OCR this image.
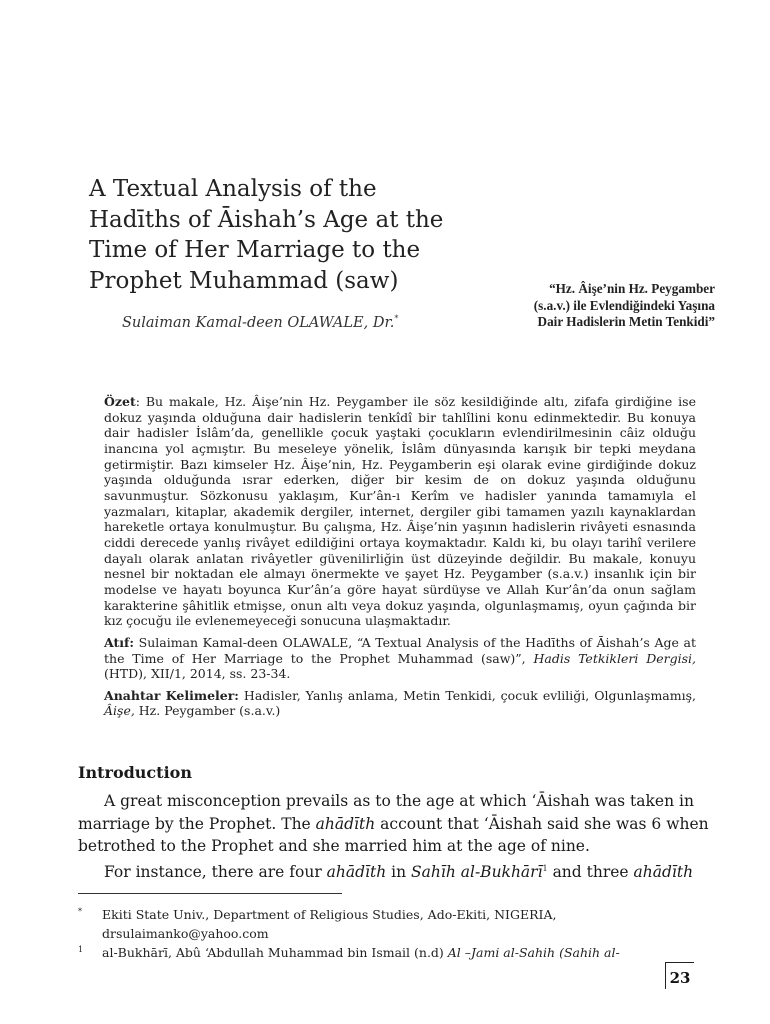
A Textual Analysis of the
Hadīths of Āishah’s Age at the
Time of Her Marriage to the
Prophet Muhammad (saw)
Sulaiman Kamal-deen OLAWALE, Dr.*
“Hz. Âişe’nin Hz. Peygamber
(s.a.v.) ile Evlendiğindeki Yaşına
Dair Hadislerin Metin Tenkidi”

Özet: Bu makale, Hz. Âişe’nin Hz. Peygamber ile söz kesildiğinde altı, zifafa girdiğine ise dokuz yaşında olduğuna dair hadislerin tenkîdî bir tahlîlini konu edinmektedir. Bu konuya dair hadisler İslâm’da, genellikle çocuk yaştaki çocukların evlendirilmesinin câiz olduğu inancına yol açmıştır. Bu meseleye yönelik, İslâm dünyasında karışık bir tepki meydana getirmiştir. Bazı kimseler Hz. Âişe’nin, Hz. Peygamberin eşi olarak evine girdiğinde dokuz yaşında olduğunda ısrar ederken, diğer bir kesim de on dokuz yaşında olduğunu savunmuştur. Sözkonusu yaklaşım, Kur’ân-ı Kerîm ve hadisler yanında tamamıyla el yazmaları, kitaplar, akademik dergiler, internet, dergiler gibi tamamen yazılı kaynaklardan hareketle ortaya konulmuştur. Bu çalışma, Hz. Âişe’nin yaşının hadislerin rivâyeti esnasında ciddi derecede yanlış rivâyet edildiğini ortaya koymaktadır. Kaldı ki, bu olayı tarihî verilere dayalı olarak anlatan rivâyetler güvenilirliğin üst düzeyinde değildir. Bu makale, konuyu nesnel bir noktadan ele almayı önermekte ve şayet Hz. Peygamber (s.a.v.) insanlık için bir modelse ve hayatı boyunca Kur’ân’a göre hayat sürdüyse ve Allah Kur’ân’da onun sağlam karakterine şâhitlik etmişse, onun altı veya dokuz yaşında, olgunlaşmamış, oyun çağında bir kız çocuğu ile evlenemeyeceği sonucuna ulaşmaktadır.

Atıf: Sulaiman Kamal-deen OLAWALE, “A Textual Analysis of the Hadīths of Āishah’s Age at the Time of Her Marriage to the Prophet Muhammad (saw)”, Hadis Tetkikleri Dergisi, (HTD), XII/1, 2014, ss. 23-34.

Anahtar Kelimeler: Hadisler, Yanlış anlama, Metin Tenkidi, çocuk evliliği, Olgunlaşmamış, Âişe, Hz. Peygamber (s.a.v.)

Introduction
A great misconception prevails as to the age at which ‘Āishah was taken in
marriage by the Prophet. The ahādīth account that ‘Āishah said she was 6 when
betrothed to the Prophet and she married him at the age of nine.
For instance, there are four ahādīth in Sahīh al-Bukhārī$^1$ and three ahādīth
* Ekiti State Univ., Department of Religious Studies, Ado-Ekiti, NIGERIA,
drsulaimanko@yahoo.com
1 al-Bukhārī, Abû ‘Abdullah Muhammad bin Ismail (n.d) Al –Jami al-Sahih (Sahih al-
23
